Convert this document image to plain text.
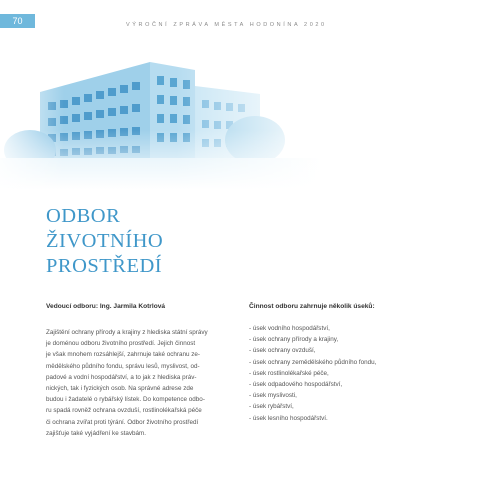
70	VÝROČNÍ ZPRÁVA MĚSTA HODONÍNA 2020
ODBOR
ŽIVOTNÍHO
PROSTŘEDÍ
Vedoucí odboru: Ing. Jarmila Kotrlová
Zajištění ochrany přírody a krajiny z hlediska státní správy
je doménou odboru životního prostředí. Jejich činnost
je však mnohem rozsáhlejší, zahrnuje také ochranu ze-
mědělského půdního fondu, správu lesů, myslivost, od-
padové a vodní hospodářství, a to jak z hlediska práv-
nických, tak i fyzických osob. Na správné adrese zde
budou i žadatelé o rybářský lístek. Do kompetence odbo-
ru spadá rovněž ochrana ovzduší, rostlinolékařská péče
či ochrana zvířat proti týrání. Odbor životního prostředí
zajišťuje také vyjádření ke stavbám.
Činnost odboru zahrnuje několik úseků:
- úsek vodního hospodářství,
- úsek ochrany přírody a krajiny,
- úsek ochrany ovzduší,
- úsek ochrany zemědělského půdního fondu,
- úsek rostlinolékařské péče,
- úsek odpadového hospodářství,
- úsek myslivosti,
- úsek rybářství,
- úsek lesního hospodářství.
